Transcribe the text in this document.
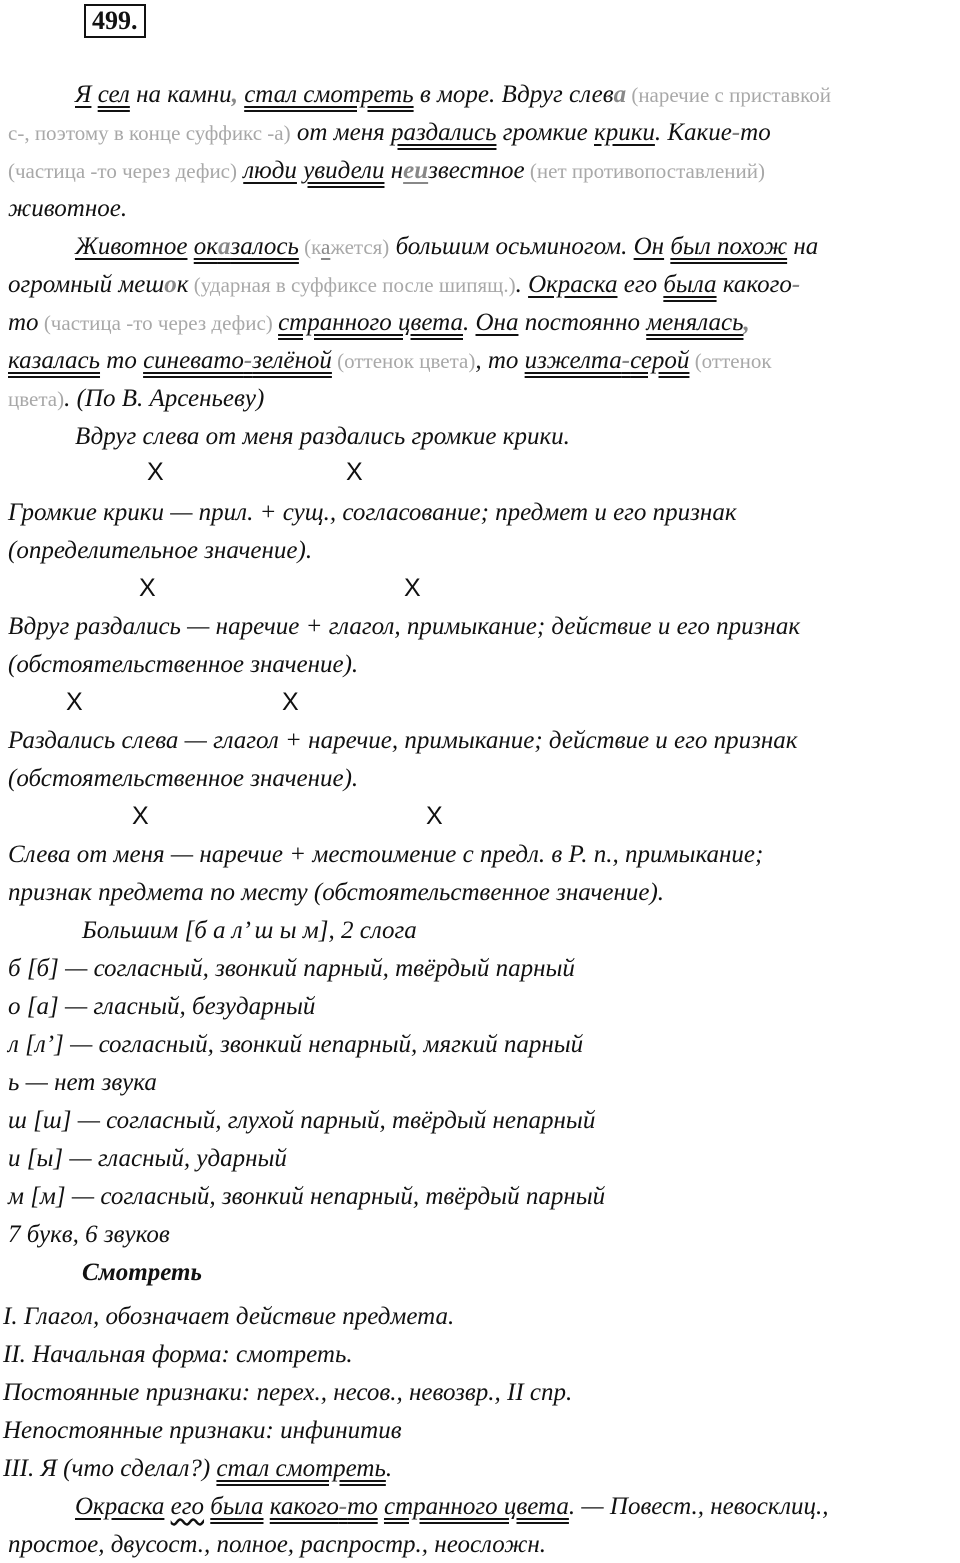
499.
Я сел на камни, стал смотреть в море. Вдруг слева (наречие с приставкой
с-, поэтому в конце суффикс -а) от меня раздались громкие крики. Какие-то
(частица -то через дефис) люди увидели неизвестное (нет противопоставлений)
животное.
Животное оказалось (кажется) большим осьминогом. Он был похож на
огромный мешок (ударная в суффиксе после шипящ.). Окраска его была какого-
то (частица -то через дефис) странного цвета. Она постоянно менялась,
казалась то синевато-зелёной (оттенок цвета), то изжелта-серой (оттенок
цвета). (По В. Арсеньеву)
Вдруг слева от меня раздались громкие крики.
X	X
Громкие крики — прил. + сущ., согласование; предмет и его признак
(определительное значение).
X	X
Вдруг раздались — наречие + глагол, примыкание; действие и его признак
(обстоятельственное значение).
X	X
Раздались слева — глагол + наречие, примыкание; действие и его признак
(обстоятельственное значение).
X	X
Слева от меня — наречие + местоимение с предл. в Р. п., примыкание;
признак предмета по месту (обстоятельственное значение).
Большим [б а л’ ш ы м], 2 слога
б [б] — согласный, звонкий парный, твёрдый парный
о [а] — гласный, безударный
л [л’] — согласный, звонкий непарный, мягкий парный
ь — нет звука
ш [ш] — согласный, глухой парный, твёрдый непарный
и [ы] — гласный, ударный
м [м] — согласный, звонкий непарный, твёрдый парный
7 букв, 6 звуков
Смотреть
I. Глагол, обозначает действие предмета.
II. Начальная форма: смотреть.
Постоянные признаки: перех., несов., невозвр., II спр.
Непостоянные признаки: инфинитив
III. Я (что сделал?) стал смотреть.
Окраска его была какого-то странного цвета. — Повест., невосклиц.,
простое, двусост., полное, распростр., неосложн.
